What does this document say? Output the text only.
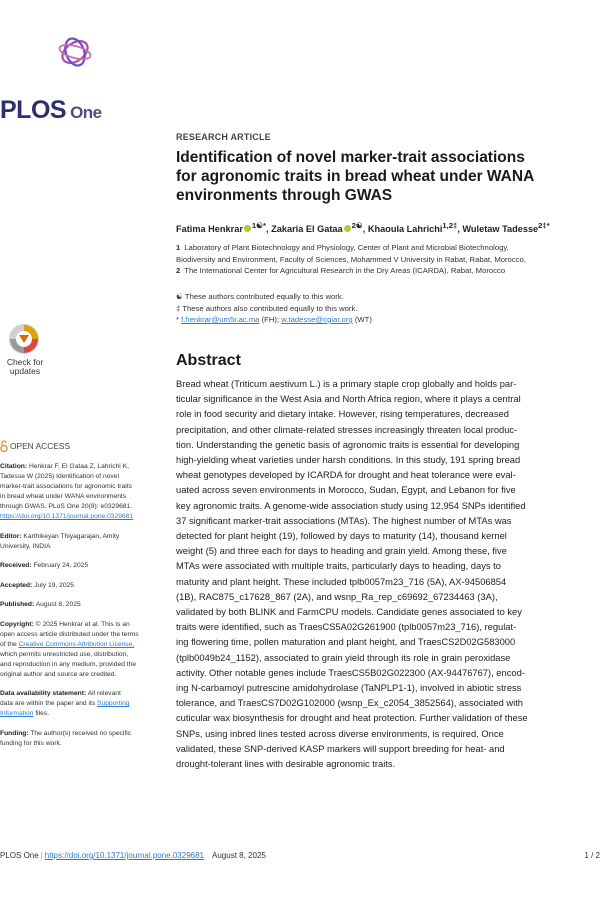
PLOS One
RESEARCH ARTICLE
Identification of novel marker-trait associations
for agronomic traits in bread wheat under WANA
environments through GWAS
Fatima Henkrar $^{1☯*}$, Zakaria El Gataa $^{2☯}$, Khaoula Lahrichi$^{1,2\ddagger}$, Wuletaw Tadesse$^{2\ddagger*}$
1 Laboratory of Plant Biotechnology and Physiology, Center of Plant and Microbial Biotechnology,
Biodiversity and Environment, Faculty of Sciences, Mohammed V University in Rabat, Rabat, Morocco,
2 The International Center for Agricultural Research in the Dry Areas (ICARDA), Rabat, Morocco
☯ These authors contributed equally to this work.
‡ These authors also contributed equally to this work.
* f.henkrar@um5r.ac.ma (FH); w.tadesse@cgiar.org (WT)
Check for
updates
OPEN ACCESS
Citation: Henkrar F, El Gataa Z, Lahrichi K,
Tadesse W (2025) Identification of novel
marker-trait associations for agronomic traits
in bread wheat under WANA environments
through GWAS. PLoS One 20(8): e0329681.
https://doi.org/10.1371/journal.pone.0329681
Editor: Karthikeyan Thiyagarajan, Amity
University, INDIA
Received: February 24, 2025
Accepted: July 19, 2025
Published: August 8, 2025
Copyright: © 2025 Henkrar et al. This is an
open access article distributed under the terms
of the Creative Commons Attribution License,
which permits unrestricted use, distribution,
and reproduction in any medium, provided the
original author and source are credited.
Data availability statement: All relevant
data are within the paper and its Supporting
Information files.
Funding: The author(s) received no specific
funding for this work.
Abstract
Bread wheat (Triticum aestivum L.) is a primary staple crop globally and holds par-
ticular significance in the West Asia and North Africa region, where it plays a central
role in food security and dietary intake. However, rising temperatures, decreased
precipitation, and other climate-related stresses increasingly threaten local produc-
tion. Understanding the genetic basis of agronomic traits is essential for developing
high-yielding wheat varieties under harsh conditions. In this study, 191 spring bread
wheat genotypes developed by ICARDA for drought and heat tolerance were eval-
uated across seven environments in Morocco, Sudan, Egypt, and Lebanon for five
key agronomic traits. A genome-wide association study using 12,954 SNPs identified
37 significant marker-trait associations (MTAs). The highest number of MTAs was
detected for plant height (19), followed by days to maturity (14), thousand kernel
weight (5) and three each for days to heading and grain yield. Among these, five
MTAs were associated with multiple traits, particularly days to heading, days to
maturity and plant height. These included tplb0057m23_716 (5A), AX-94506854
(1B), RAC875_c17628_867 (2A), and wsnp_Ra_rep_c69692_67234463 (3A),
validated by both BLINK and FarmCPU models. Candidate genes associated to key
traits were identified, such as TraesCS5A02G261900 (tplb0057m23_716), regulat-
ing flowering time, pollen maturation and plant height, and TraesCS2D02G583000
(tplb0049b24_1152), associated to grain yield through its role in grain peroxidase
activity. Other notable genes include TraesCS5B02G022300 (AX-94476767), encod-
ing N-carbamoyl putrescine amidohydrolase (TaNPLP1-1), involved in abiotic stress
tolerance, and TraesCS7D02G102000 (wsnp_Ex_c2054_3852564), associated with
cuticular wax biosynthesis for drought and heat protection. Further validation of these
SNPs, using inbred lines tested across diverse environments, is required. Once
validated, these SNP-derived KASP markers will support breeding for heat- and
drought-tolerant lines with desirable agronomic traits.
PLOS One | https://doi.org/10.1371/journal.pone.0329681 August 8, 2025	1 / 2
